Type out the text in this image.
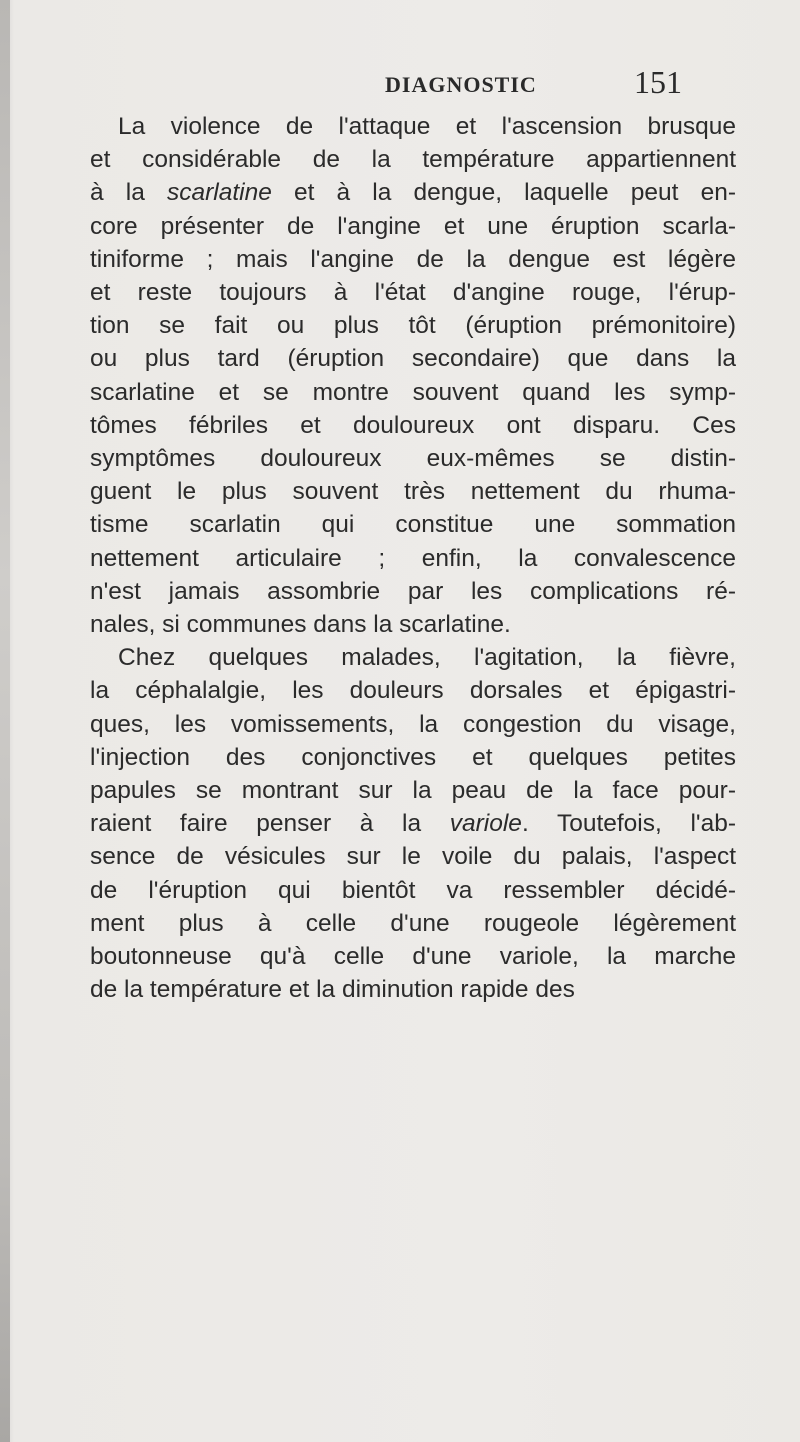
DIAGNOSTIC	151
La violence de l'attaque et l'ascension brusque
et considérable de la température appartiennent
à la scarlatine et à la dengue, laquelle peut en-
core présenter de l'angine et une éruption scarla-
tiniforme ; mais l'angine de la dengue est légère
et reste toujours à l'état d'angine rouge, l'érup-
tion se fait ou plus tôt (éruption prémonitoire)
ou plus tard (éruption secondaire) que dans la
scarlatine et se montre souvent quand les symp-
tômes fébriles et douloureux ont disparu. Ces
symptômes douloureux eux-mêmes se distin-
guent le plus souvent très nettement du rhuma-
tisme scarlatin qui constitue une sommation
nettement articulaire ; enfin, la convalescence
n'est jamais assombrie par les complications ré-
nales, si communes dans la scarlatine.
Chez quelques malades, l'agitation, la fièvre,
la céphalalgie, les douleurs dorsales et épigastri-
ques, les vomissements, la congestion du visage,
l'injection des conjonctives et quelques petites
papules se montrant sur la peau de la face pour-
raient faire penser à la variole. Toutefois, l'ab-
sence de vésicules sur le voile du palais, l'aspect
de l'éruption qui bientôt va ressembler décidé-
ment plus à celle d'une rougeole légèrement
boutonneuse qu'à celle d'une variole, la marche
de la température et la diminution rapide des
